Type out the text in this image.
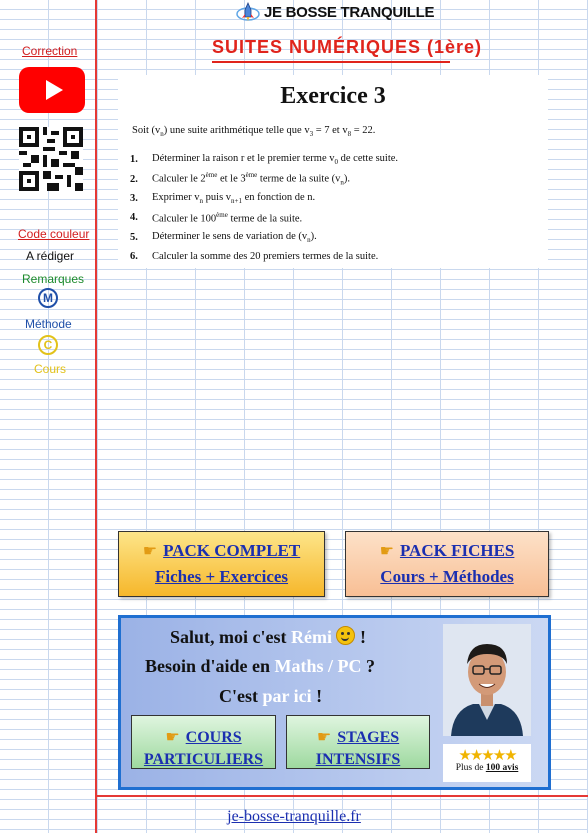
JE BOSSE TRANQUILLE
SUITES NUMÉRIQUES (1ère)
Correction
Code couleur
A rédiger
Remarques
M
Méthode
C
Cours
Exercice 3
Soit $(v_n)$ une suite arithmétique telle que $v_3 = 7$ et $v_8 = 22$.
1.	Déterminer la raison r et le premier terme $v_0$ de cette suite.
2.	Calculer le 2ème et le 3ème terme de la suite $(v_n)$.
3.	Exprimer $v_n$ puis $v_{n+1}$ en fonction de n.
4.	Calculer le 100ème terme de la suite.
5.	Déterminer le sens de variation de $(v_n)$.
6.	Calculer la somme des 20 premiers termes de la suite.
☛ PACK COMPLET
Fiches + Exercices
☛ PACK FICHES
Cours + Méthodes
Salut, moi c'est Rémi  !
Besoin d'aide en Maths / PC ?
C'est par ici !
☛ COURS
PARTICULIERS
☛ STAGES
INTENSIFS	★★★★★
Plus de 100 avis
je-bosse-tranquille.fr
